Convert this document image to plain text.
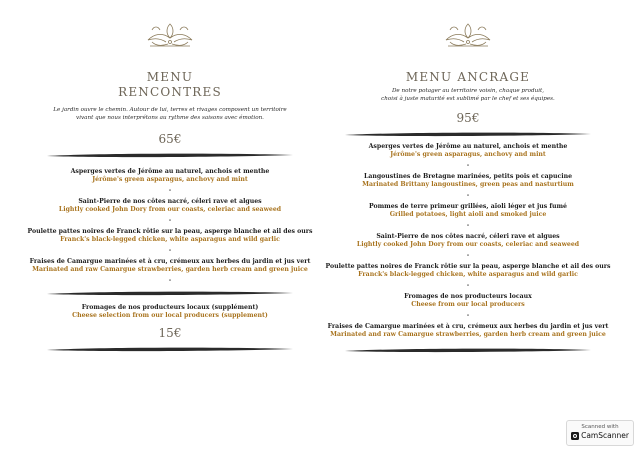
MENU

RENCONTRES

Le jardin ouvre le chemin. Autour de lui, terres et rivages composent un territoire
vivant que nous interprétons au rythme des saisons avec émotion.

65€

Asperges vertes de Jérôme au naturel, anchois et menthe
Jérôme's green asparagus, anchovy and mint
-
Saint-Pierre de nos côtes nacré, céleri rave et algues
Lightly cooked John Dory from our coasts, celeriac and seaweed
-
Poulette pattes noires de Franck rôtie sur la peau, asperge blanche et ail des ours
Franck's black-legged chicken, white asparagus and wild garlic
-
Fraises de Camargue marinées et à cru, crémeux aux herbes du jardin et jus vert
Marinated and raw Camargue strawberries, garden herb cream and green juice
-
Fromages de nos producteurs locaux (supplément)
Cheese selection from our local producers (supplement)

15€

MENU ANCRAGE

De notre potager au territoire voisin, chaque produit,
choisi à juste maturité est sublimé par le chef et ses équipes.

95€

Asperges vertes de Jérôme au naturel, anchois et menthe
Jérôme's green asparagus, anchovy and mint
-
Langoustines de Bretagne marinées, petits pois et capucine
Marinated Brittany langoustines, green peas and nasturtium
-
Pommes de terre primeur grillées, aïoli léger et jus fumé
Grilled potatoes, light aioli and smoked juice
-
Saint-Pierre de nos côtes nacré, céleri rave et algues
Lightly cooked John Dory from our coasts, celeriac and seaweed
-
Poulette pattes noires de Franck rôtie sur la peau, asperge blanche et ail des ours
Franck's black-legged chicken, white asparagus and wild garlic
-
Fromages de nos producteurs locaux
Cheese from our local producers
-
Fraises de Camargue marinées et à cru, crémeux aux herbes du jardin et jus vert
Marinated and raw Camargue strawberries, garden herb cream and green juice
Scanned with
CamScanner
